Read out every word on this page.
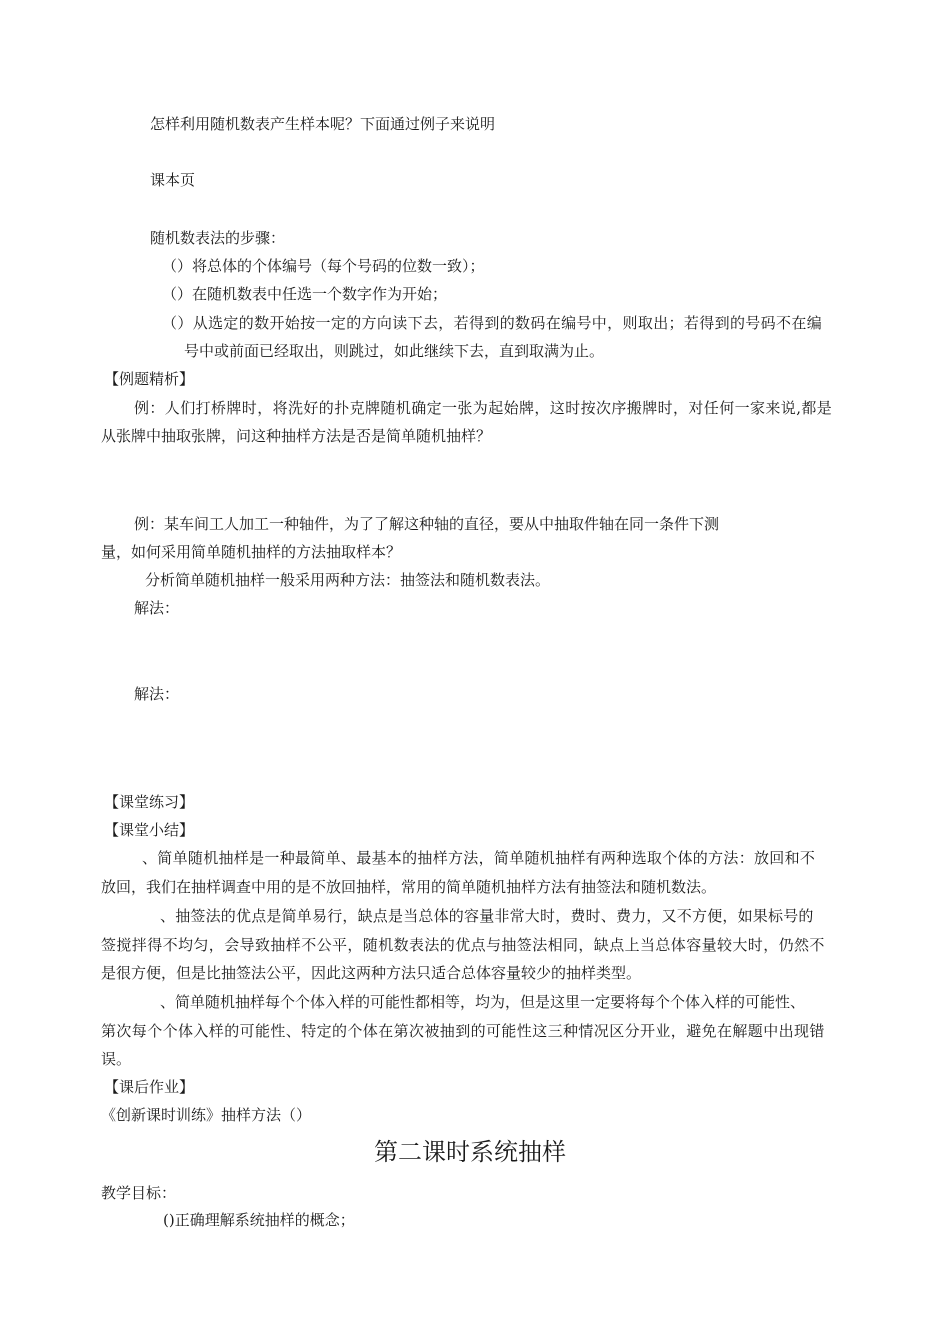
怎样利用随机数表产生样本呢？下面通过例子来说明
课本页
随机数表法的步骤：
（）将总体的个体编号（每个号码的位数一致）；
（）在随机数表中任选一个数字作为开始；
（）从选定的数开始按一定的方向读下去，若得到的数码在编号中，则取出；若得到的号码不在编
号中或前面已经取出，则跳过，如此继续下去，直到取满为止。
【例题精析】
例：人们打桥牌时，将洗好的扑克牌随机确定一张为起始牌，这时按次序搬牌时，对任何一家来说,都是
从张牌中抽取张牌，问这种抽样方法是否是简单随机抽样？
例：某车间工人加工一种轴件，为了了解这种轴的直径，要从中抽取件轴在同一条件下测
量，如何采用简单随机抽样的方法抽取样本？
分析简单随机抽样一般采用两种方法：抽签法和随机数表法。
解法：
解法：
【课堂练习】
【课堂小结】
、简单随机抽样是一种最简单、最基本的抽样方法，简单随机抽样有两种选取个体的方法：放回和不
放回，我们在抽样调查中用的是不放回抽样，常用的简单随机抽样方法有抽签法和随机数法。
、抽签法的优点是简单易行，缺点是当总体的容量非常大时，费时、费力，又不方便，如果标号的
签搅拌得不均匀，会导致抽样不公平，随机数表法的优点与抽签法相同，缺点上当总体容量较大时，仍然不
是很方便，但是比抽签法公平，因此这两种方法只适合总体容量较少的抽样类型。
、简单随机抽样每个个体入样的可能性都相等，均为，但是这里一定要将每个个体入样的可能性、
第次每个个体入样的可能性、特定的个体在第次被抽到的可能性这三种情况区分开业，避免在解题中出现错
误。
【课后作业】
《创新课时训练》抽样方法（）
第二课时系统抽样
教学目标：
()正确理解系统抽样的概念；
